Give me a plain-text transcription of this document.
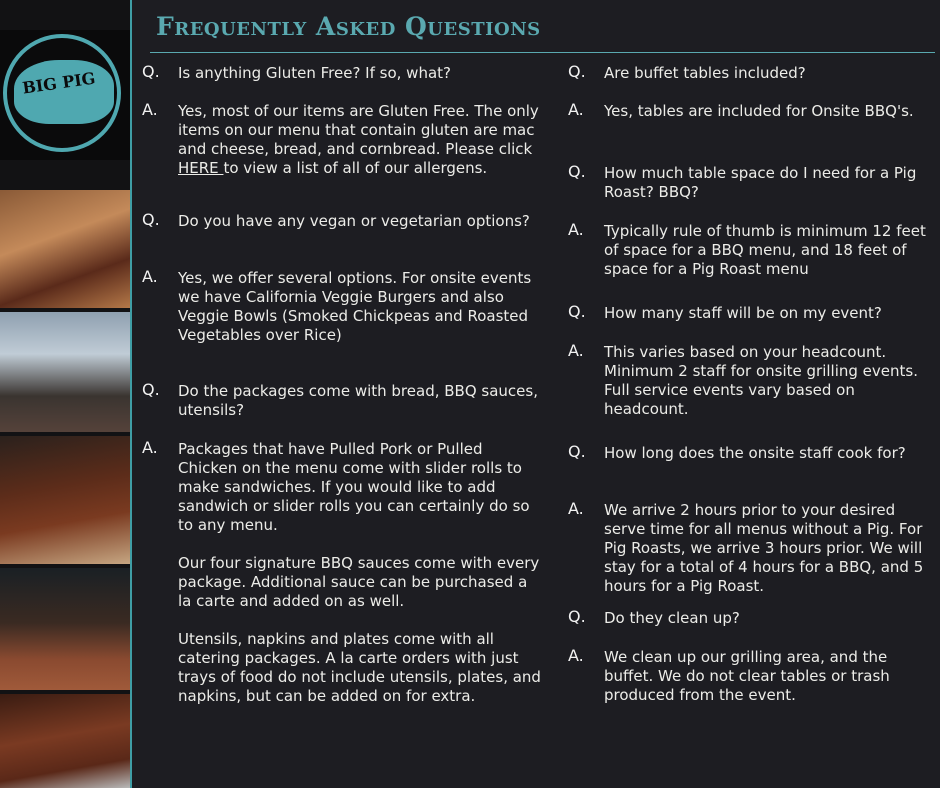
BIG PIG
Frequently Asked Questions
Q. Is anything Gluten Free? If so, what?
A. Yes, most of our items are Gluten Free. The only items on our menu that contain gluten are mac and cheese, bread, and cornbread. Please click HERE to view a list of all of our allergens.
Q. Do you have any vegan or vegetarian options?
A. Yes, we offer several options. For onsite events we have California Veggie Burgers and also Veggie Bowls (Smoked Chickpeas and Roasted Vegetables over Rice)
Q. Do the packages come with bread, BBQ sauces, utensils?
A. Packages that have Pulled Pork or Pulled Chicken on the menu come with slider rolls to make sandwiches. If you would like to add sandwich or slider rolls you can certainly do so to any menu.

Our four signature BBQ sauces come with every package. Additional sauce can be purchased a la carte and added on as well.

Utensils, napkins and plates come with all catering packages. A la carte orders with just trays of food do not include utensils, plates, and napkins, but can be added on for extra.

Q. Are buffet tables included?
A. Yes, tables are included for Onsite BBQ's.
Q. How much table space do I need for a Pig Roast? BBQ?
A. Typically rule of thumb is minimum 12 feet of space for a BBQ menu, and 18 feet of space for a Pig Roast menu
Q. How many staff will be on my event?
A. This varies based on your headcount. Minimum 2 staff for onsite grilling events. Full service events vary based on headcount.
Q. How long does the onsite staff cook for?
A. We arrive 2 hours prior to your desired serve time for all menus without a Pig. For Pig Roasts, we arrive 3 hours prior. We will stay for a total of 4 hours for a BBQ, and 5 hours for a Pig Roast.
Q. Do they clean up?
A. We clean up our grilling area, and the buffet. We do not clear tables or trash produced from the event.
